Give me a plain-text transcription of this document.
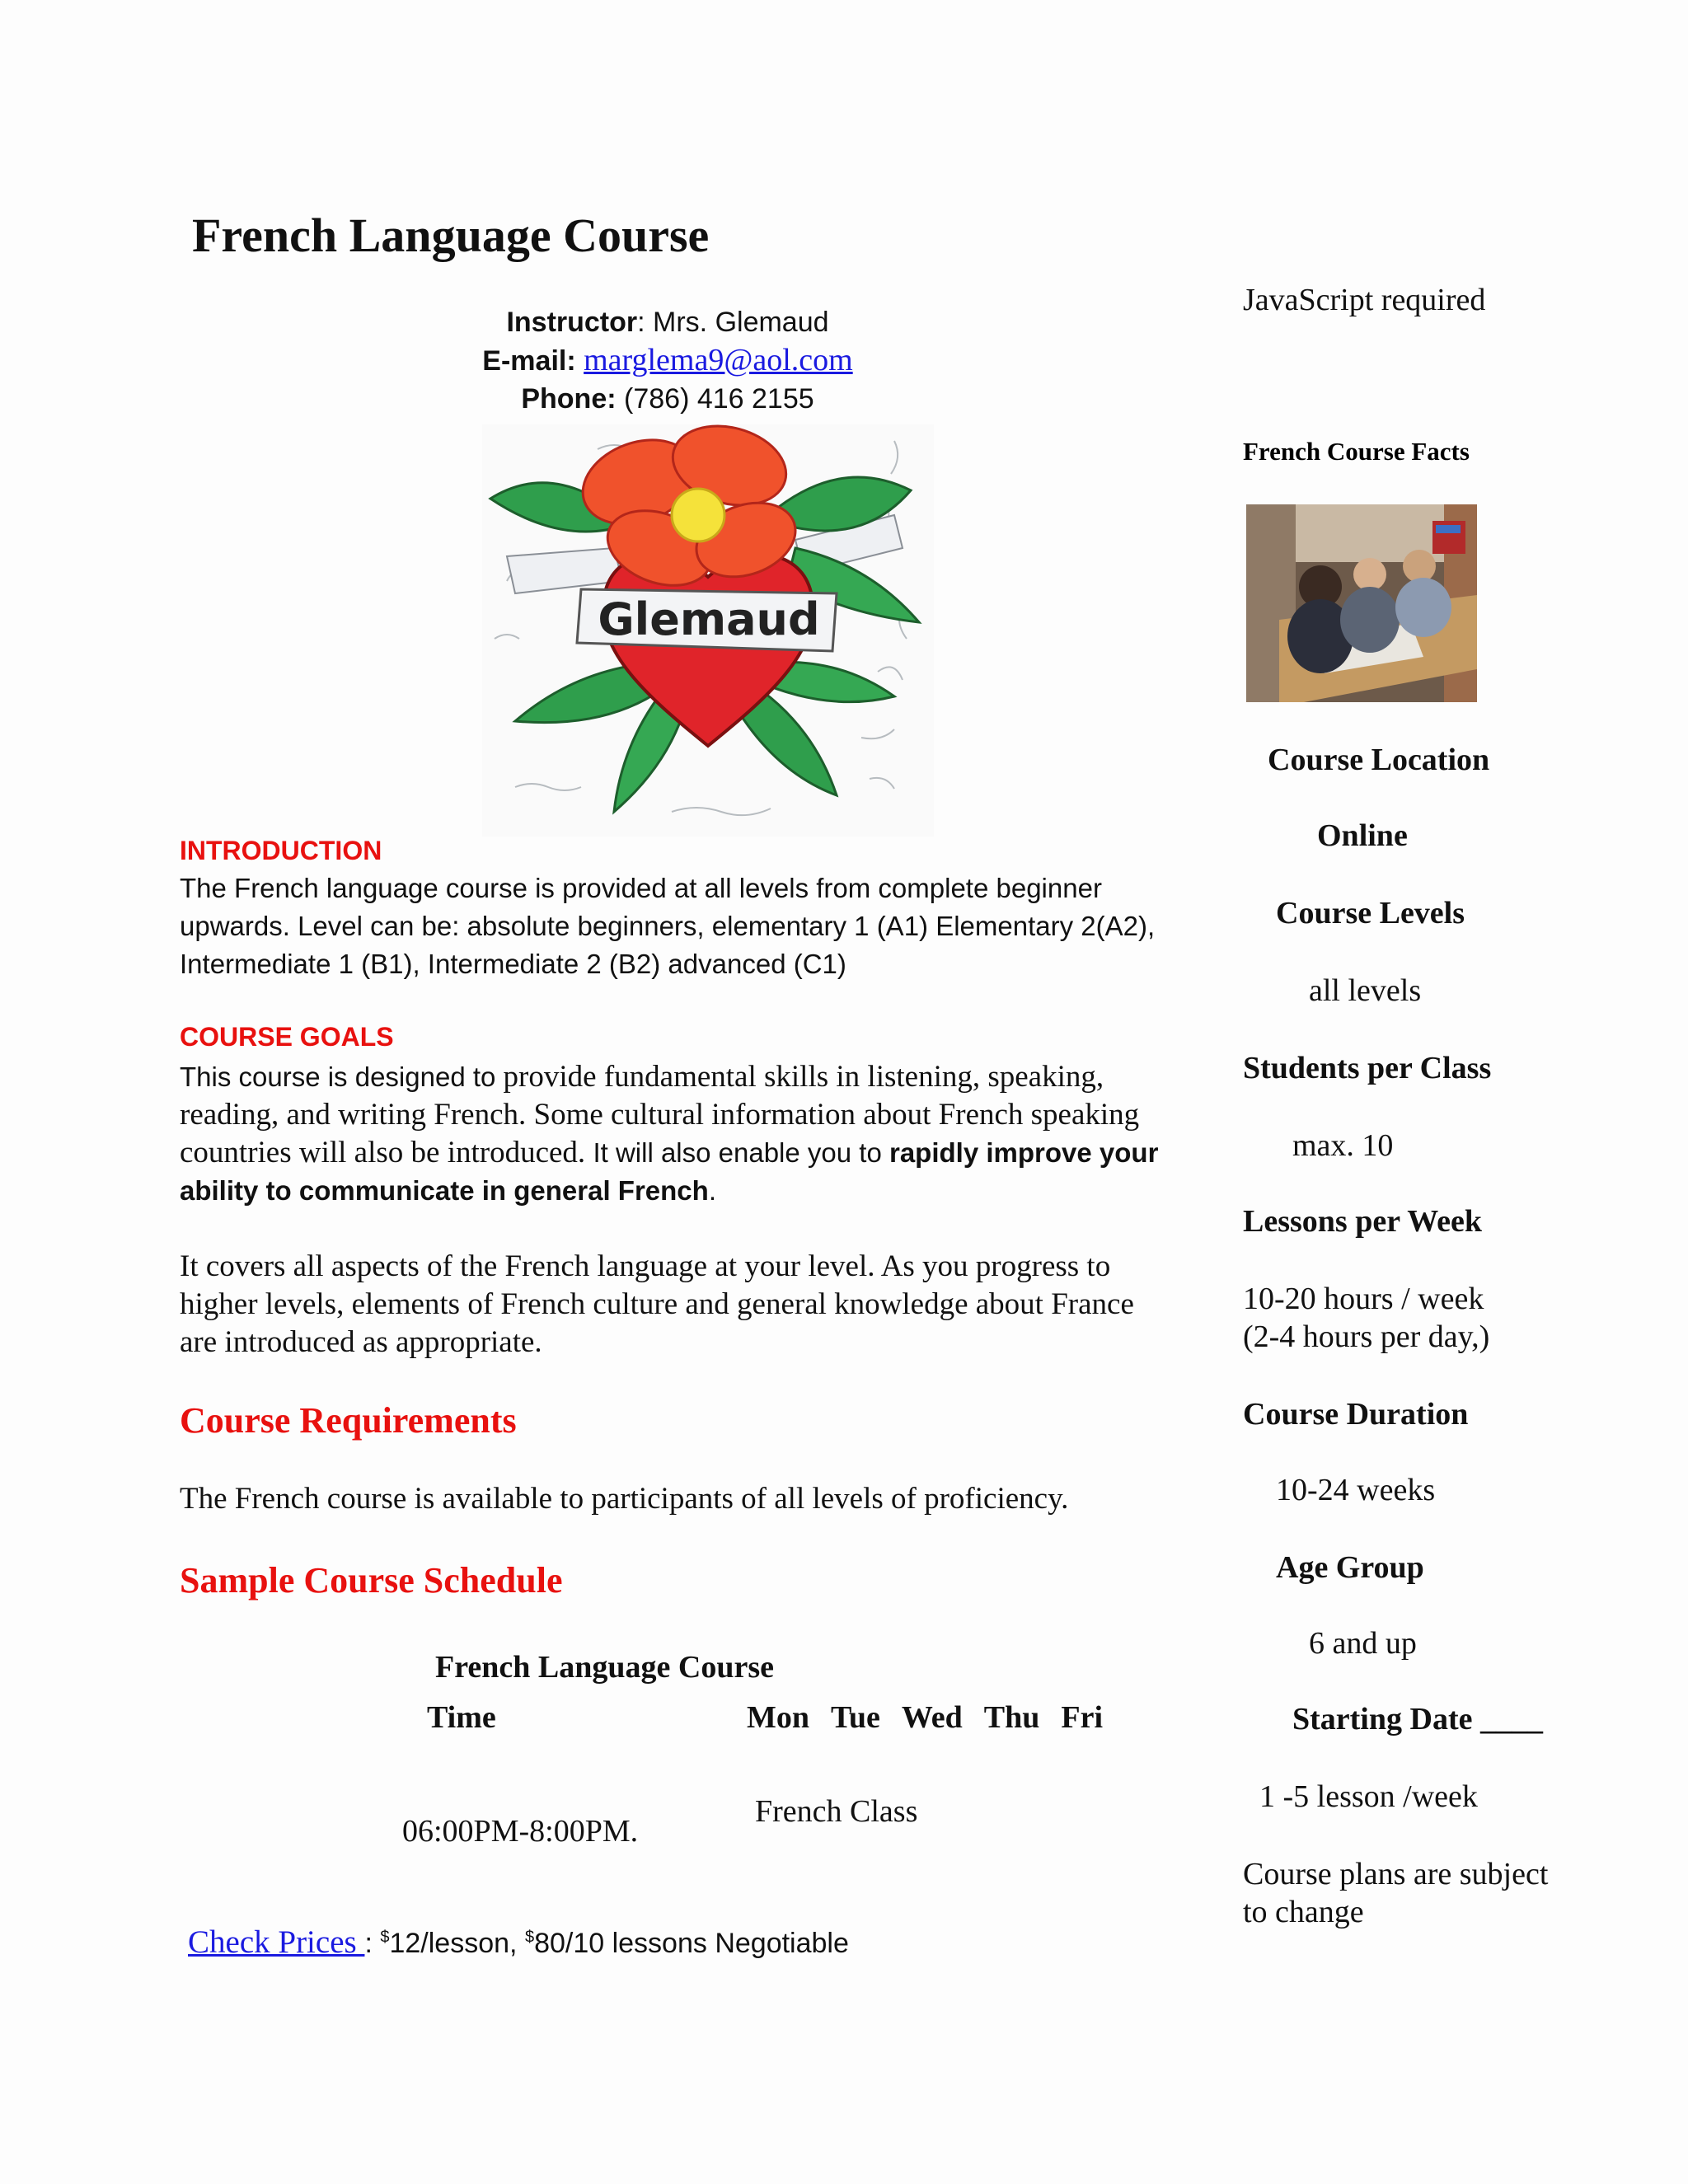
French Language Course
Instructor: Mrs. Glemaud
E-mail: marglema9@aol.com
Phone: (786) 416 2155
Glemaud
INTRODUCTION
The French language course is provided at all levels from complete beginner
upwards. Level can be: absolute beginners, elementary 1 (A1) Elementary 2(A2),
Intermediate 1 (B1), Intermediate 2 (B2) advanced (C1)
COURSE GOALS
This course is designed to provide fundamental skills in listening, speaking,
reading, and writing French. Some cultural information about French speaking
countries will also be introduced. It will also enable you to rapidly improve your
ability to communicate in general French.
It covers all aspects of the French language at your level. As you progress to
higher levels, elements of French culture and general knowledge about France
are introduced as appropriate.
Course Requirements
The French course is available to participants of all levels of proficiency.
Sample Course Schedule
French Language Course
Time	Mon Tue Wed Thu Fri
French Class
06:00PM-8:00PM.
Check Prices : $12/lesson, $80/10 lessons Negotiable
JavaScript required
French Course Facts
Course Location
Online
Course Levels
all levels
Students per Class
max. 10
Lessons per Week
10-20 hours / week
(2-4 hours per day,)
Course Duration
10-24 weeks
Age Group
6 and up
Starting Date ____
1 -5 lesson /week
Course plans are subject
to change
